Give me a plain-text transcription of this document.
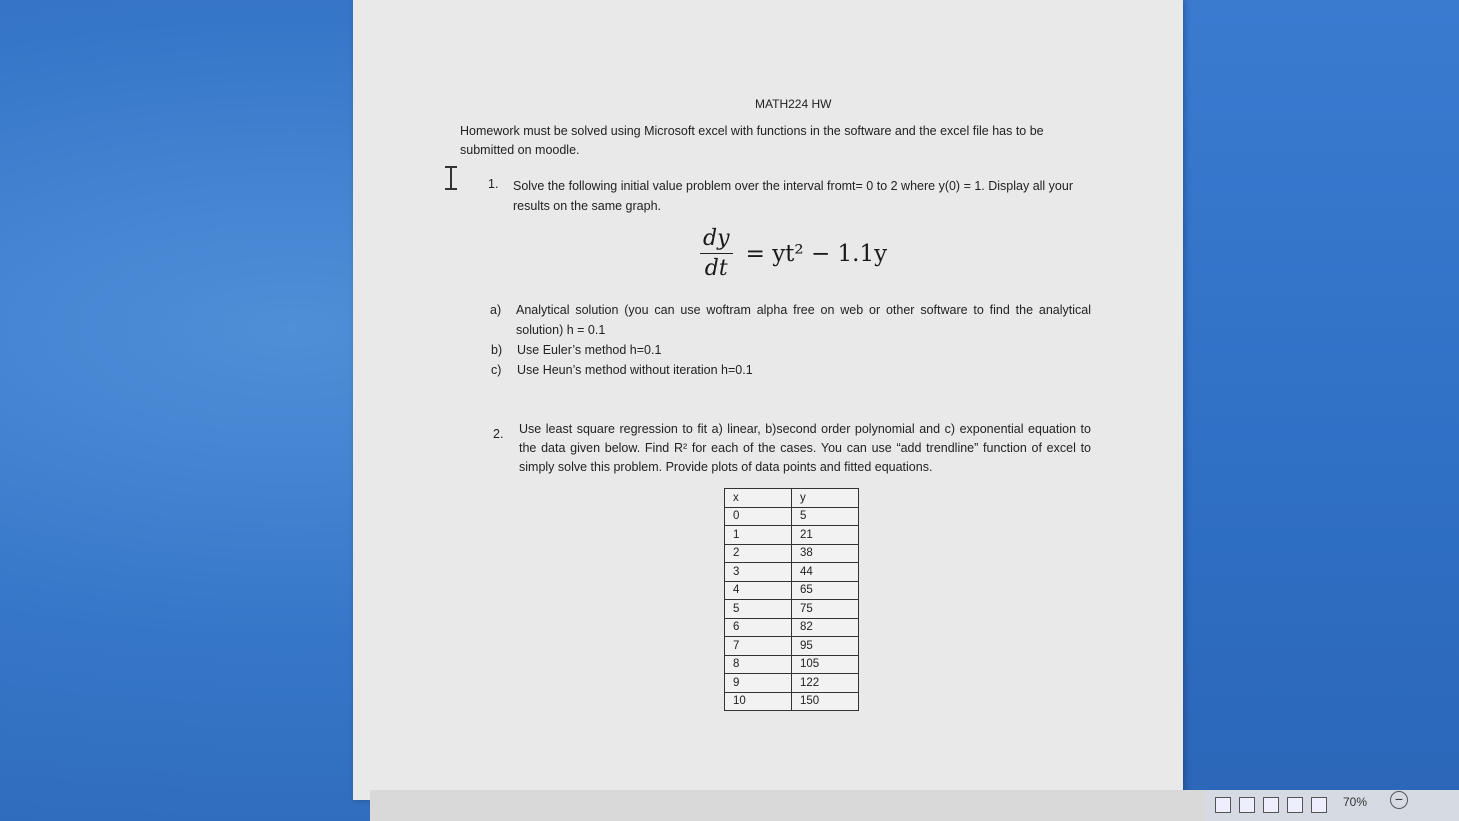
MATH224 HW
Homework must be solved using Microsoft excel with functions in the software and the excel file has to be submitted on moodle.
1. Solve the following initial value problem over the interval fromt= 0 to 2 where y(0) = 1. Display all your results on the same graph.
$\frac{dy}{dt} = yt^2 - 1.1y$
a) Analytical solution (you can use woftram alpha free on web or other software to find the analytical solution) h = 0.1
b) Use Euler’s method h=0.1
c) Use Heun’s method without iteration h=0.1
2. Use least square regression to fit a) linear, b)second order polynomial and c) exponential equation to the data given below. Find R² for each of the cases. You can use “add trendline” function of excel to simply solve this problem. Provide plots of data points and fitted equations.
x	y
0	5
1	21
2	38
3	44
4	65
5	75
6	82
7	95
8	105
9	122
10	150
70%	−
